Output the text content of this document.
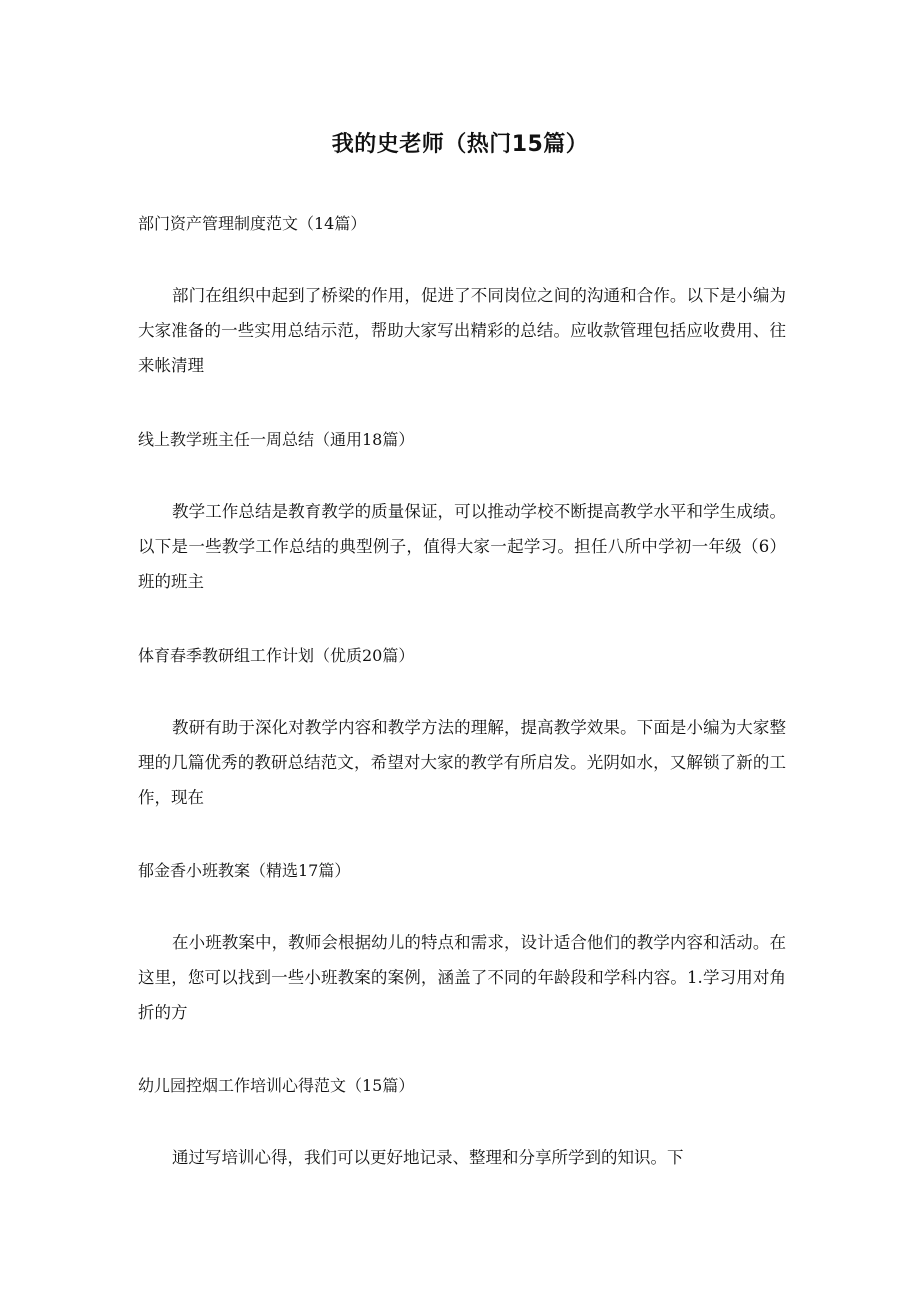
我的史老师（热门15篇）
部门资产管理制度范文（14篇）
部门在组织中起到了桥梁的作用，促进了不同岗位之间的沟通和合作。以下是小编为大家准备的一些实用总结示范，帮助大家写出精彩的总结。应收款管理包括应收费用、往来帐清理
线上教学班主任一周总结（通用18篇）
教学工作总结是教育教学的质量保证，可以推动学校不断提高教学水平和学生成绩。以下是一些教学工作总结的典型例子，值得大家一起学习。担任八所中学初一年级（6）班的班主
体育春季教研组工作计划（优质20篇）
教研有助于深化对教学内容和教学方法的理解，提高教学效果。下面是小编为大家整理的几篇优秀的教研总结范文，希望对大家的教学有所启发。光阴如水，又解锁了新的工作，现在
郁金香小班教案（精选17篇）
在小班教案中，教师会根据幼儿的特点和需求，设计适合他们的教学内容和活动。在这里，您可以找到一些小班教案的案例，涵盖了不同的年龄段和学科内容。1.学习用对角折的方
幼儿园控烟工作培训心得范文（15篇）
通过写培训心得，我们可以更好地记录、整理和分享所学到的知识。下
